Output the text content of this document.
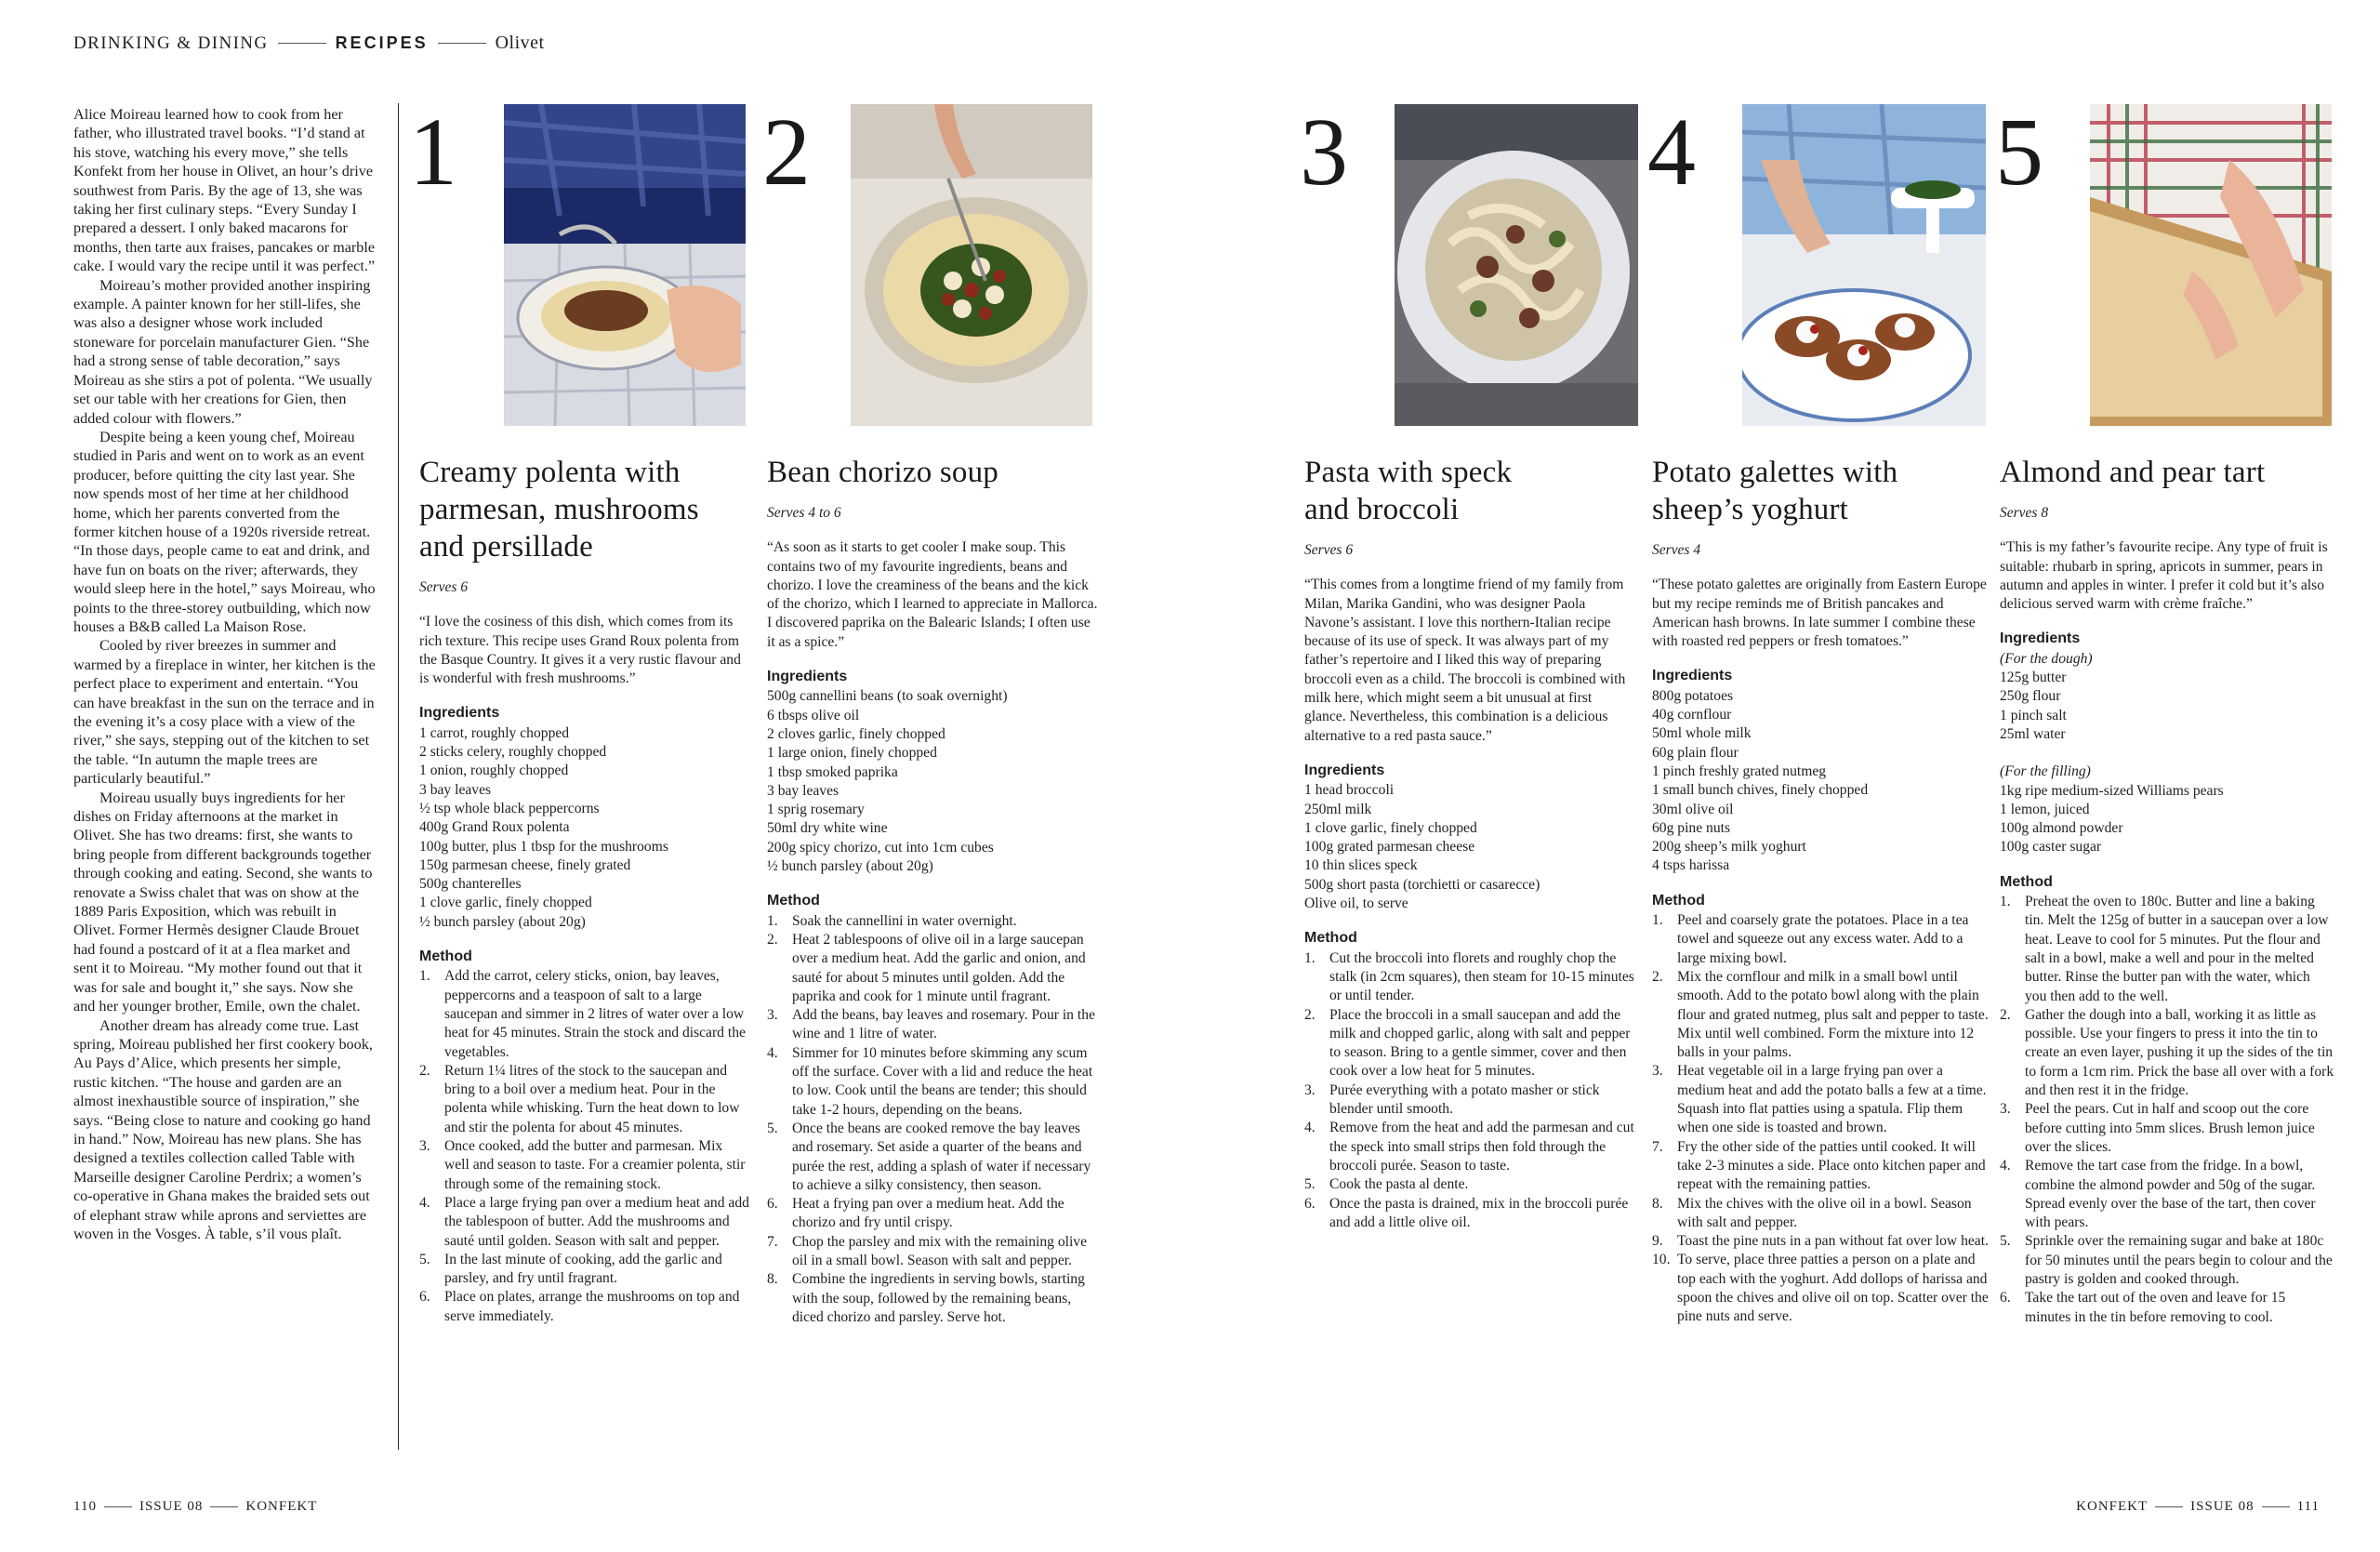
DRINKING & DINING	RECIPES	Olivet

Alice Moireau learned how to cook from her father, who illustrated travel books. “I’d stand at his stove, watching his every move,” she tells Konfekt from her house in Olivet, an hour’s drive southwest from Paris. By the age of 13, she was taking her first culinary steps. “Every Sunday I prepared a dessert. I only baked macarons for months, then tarte aux fraises, pancakes or marble cake. I would vary the recipe until it was perfect.”

Moireau’s mother provided another inspiring example. A painter known for her still-lifes, she was also a designer whose work included stoneware for porcelain manufacturer Gien. “She had a strong sense of table decoration,” says Moireau as she stirs a pot of polenta. “We usually set our table with her creations for Gien, then added colour with flowers.”

Despite being a keen young chef, Moireau studied in Paris and went on to work as an event producer, before quitting the city last year. She now spends most of her time at her childhood home, which her parents converted from the former kitchen house of a 1920s riverside retreat. “In those days, people came to eat and drink, and have fun on boats on the river; afterwards, they would sleep here in the hotel,” says Moireau, who points to the three-storey outbuilding, which now houses a B&B called La Maison Rose.

Cooled by river breezes in summer and warmed by a fireplace in winter, her kitchen is the perfect place to experiment and entertain. “You can have breakfast in the sun on the terrace and in the evening it’s a cosy place with a view of the river,” she says, stepping out of the kitchen to set the table. “In autumn the maple trees are particularly beautiful.”

Moireau usually buys ingredients for her dishes on Friday afternoons at the market in Olivet. She has two dreams: first, she wants to bring people from different backgrounds together through cooking and eating. Second, she wants to renovate a Swiss chalet that was on show at the 1889 Paris Exposition, which was rebuilt in Olivet. Former Hermès designer Claude Brouet had found a postcard of it at a flea market and sent it to Moireau. “My mother found out that it was for sale and bought it,” she says. Now she and her younger brother, Emile, own the chalet.

Another dream has already come true. Last spring, Moireau published her first cookery book, Au Pays d’Alice, which presents her simple, rustic kitchen. “The house and garden are an almost inexhaustible source of inspiration,” she says. “Being close to nature and cooking go hand in hand.” Now, Moireau has new plans. She has designed a textiles collection called Table with Marseille designer Caroline Perdrix; a women’s co-operative in Ghana makes the braided sets out of elephant straw while aprons and serviettes are woven in the Vosges. À table, s’il vous plaît.

1	2	3	4	5
Creamy polenta with
parmesan, mushrooms
and persillade
Serves 6

“I love the cosiness of this dish, which comes from its rich texture. This recipe uses Grand Roux polenta from the Basque Country. It gives it a very rustic flavour and is wonderful with fresh mushrooms.”

Ingredients
1 carrot, roughly chopped
2 sticks celery, roughly chopped
1 onion, roughly chopped
3 bay leaves
½ tsp whole black peppercorns
400g Grand Roux polenta
100g butter, plus 1 tbsp for the mushrooms
150g parmesan cheese, finely grated
500g chanterelles
1 clove garlic, finely chopped
½ bunch parsley (about 20g)
Method
Add the carrot, celery sticks, onion, bay leaves, peppercorns and a teaspoon of salt to a large saucepan and simmer in 2 litres of water over a low heat for 45 minutes. Strain the stock and discard the vegetables.
Return 1¼ litres of the stock to the saucepan and bring to a boil over a medium heat. Pour in the polenta while whisking. Turn the heat down to low and stir the polenta for about 45 minutes.
Once cooked, add the butter and parmesan. Mix well and season to taste. For a creamier polenta, stir through some of the remaining stock.
Place a large frying pan over a medium heat and add the tablespoon of butter. Add the mushrooms and sauté until golden. Season with salt and pepper.
In the last minute of cooking, add the garlic and parsley, and fry until fragrant.
Place on plates, arrange the mushrooms on top and serve immediately.
Bean chorizo soup
Serves 4 to 6

“As soon as it starts to get cooler I make soup. This contains two of my favourite ingredients, beans and chorizo. I love the creaminess of the beans and the kick of the chorizo, which I learned to appreciate in Mallorca. I discovered paprika on the Balearic Islands; I often use it as a spice.”

Ingredients
500g cannellini beans (to soak overnight)
6 tbsps olive oil
2 cloves garlic, finely chopped
1 large onion, finely chopped
1 tbsp smoked paprika
3 bay leaves
1 sprig rosemary
50ml dry white wine
200g spicy chorizo, cut into 1cm cubes
½ bunch parsley (about 20g)
Method
Soak the cannellini in water overnight.
Heat 2 tablespoons of olive oil in a large saucepan over a medium heat. Add the garlic and onion, and sauté for about 5 minutes until golden. Add the paprika and cook for 1 minute until fragrant.
Add the beans, bay leaves and rosemary. Pour in the wine and 1 litre of water.
Simmer for 10 minutes before skimming any scum off the surface. Cover with a lid and reduce the heat to low. Cook until the beans are tender; this should take 1-2 hours, depending on the beans.
Once the beans are cooked remove the bay leaves and rosemary. Set aside a quarter of the beans and purée the rest, adding a splash of water if necessary to achieve a silky consistency, then season.
Heat a frying pan over a medium heat. Add the chorizo and fry until crispy.
Chop the parsley and mix with the remaining olive oil in a small bowl. Season with salt and pepper.
Combine the ingredients in serving bowls, starting with the soup, followed by the remaining beans, diced chorizo and parsley. Serve hot.
Pasta with speck
and broccoli
Serves 6

“This comes from a longtime friend of my family from Milan, Marika Gandini, who was designer Paola Navone’s assistant. I love this northern-Italian recipe because of its use of speck. It was always part of my father’s repertoire and I liked this way of preparing broccoli even as a child. The broccoli is combined with milk here, which might seem a bit unusual at first glance. Nevertheless, this combination is a delicious alternative to a red pasta sauce.”

Ingredients
1 head broccoli
250ml milk
1 clove garlic, finely chopped
100g grated parmesan cheese
10 thin slices speck
500g short pasta (torchietti or casarecce)
Olive oil, to serve
Method
Cut the broccoli into florets and roughly chop the stalk (in 2cm squares), then steam for 10-15 minutes or until tender.
Place the broccoli in a small saucepan and add the milk and chopped garlic, along with salt and pepper to season. Bring to a gentle simmer, cover and then cook over a low heat for 5 minutes.
Purée everything with a potato masher or stick blender until smooth.
Remove from the heat and add the parmesan and cut the speck into small strips then fold through the broccoli purée. Season to taste.
Cook the pasta al dente.
Once the pasta is drained, mix in the broccoli purée and add a little olive oil.
Potato galettes with
sheep’s yoghurt
Serves 4

“These potato galettes are originally from Eastern Europe but my recipe reminds me of British pancakes and American hash browns. In late summer I combine these with roasted red peppers or fresh tomatoes.”

Ingredients
800g potatoes
40g cornflour
50ml whole milk
60g plain flour
1 pinch freshly grated nutmeg
1 small bunch chives, finely chopped
30ml olive oil
60g pine nuts
200g sheep’s milk yoghurt
4 tsps harissa
Method
1. Peel and coarsely grate the potatoes. Place in a tea towel and squeeze out any excess water. Add to a large mixing bowl.
2. Mix the cornflour and milk in a small bowl until smooth. Add to the potato bowl along with the plain flour and grated nutmeg, plus salt and pepper to taste. Mix until well combined. Form the mixture into 12 balls in your palms.
3. Heat vegetable oil in a large frying pan over a medium heat and add the potato balls a few at a time. Squash into flat patties using a spatula. Flip them when one side is toasted and brown.
7. Fry the other side of the patties until cooked. It will take 2-3 minutes a side. Place onto kitchen paper and repeat with the remaining patties.
8. Mix the chives with the olive oil in a bowl. Season with salt and pepper.
9. Toast the pine nuts in a pan without fat over low heat.
10. To serve, place three patties a person on a plate and top each with the yoghurt. Add dollops of harissa and spoon the chives and olive oil on top. Scatter over the pine nuts and serve.
Almond and pear tart
Serves 8

“This is my father’s favourite recipe. Any type of fruit is suitable: rhubarb in spring, apricots in summer, pears in autumn and apples in winter. I prefer it cold but it’s also delicious served warm with crème fraîche.”

Ingredients
(For the dough)
125g butter
250g flour
1 pinch salt
25ml water
(For the filling)
1kg ripe medium-sized Williams pears
1 lemon, juiced
100g almond powder
100g caster sugar
Method
Preheat the oven to 180c. Butter and line a baking tin. Melt the 125g of butter in a saucepan over a low heat. Leave to cool for 5 minutes. Put the flour and salt in a bowl, make a well and pour in the melted butter. Rinse the butter pan with the water, which you then add to the well.
Gather the dough into a ball, working it as little as possible. Use your fingers to press it into the tin to create an even layer, pushing it up the sides of the tin to form a 1cm rim. Prick the base all over with a fork and then rest it in the fridge.
Peel the pears. Cut in half and scoop out the core before cutting into 5mm slices. Brush lemon juice over the slices.
Remove the tart case from the fridge. In a bowl, combine the almond powder and 50g of the sugar. Spread evenly over the base of the tart, then cover with pears.
Sprinkle over the remaining sugar and bake at 180c for 50 minutes until the pears begin to colour and the pastry is golden and cooked through.
Take the tart out of the oven and leave for 15 minutes in the tin before removing to cool.
110	ISSUE 08	KONFEKT	KONFEKT	ISSUE 08	111
